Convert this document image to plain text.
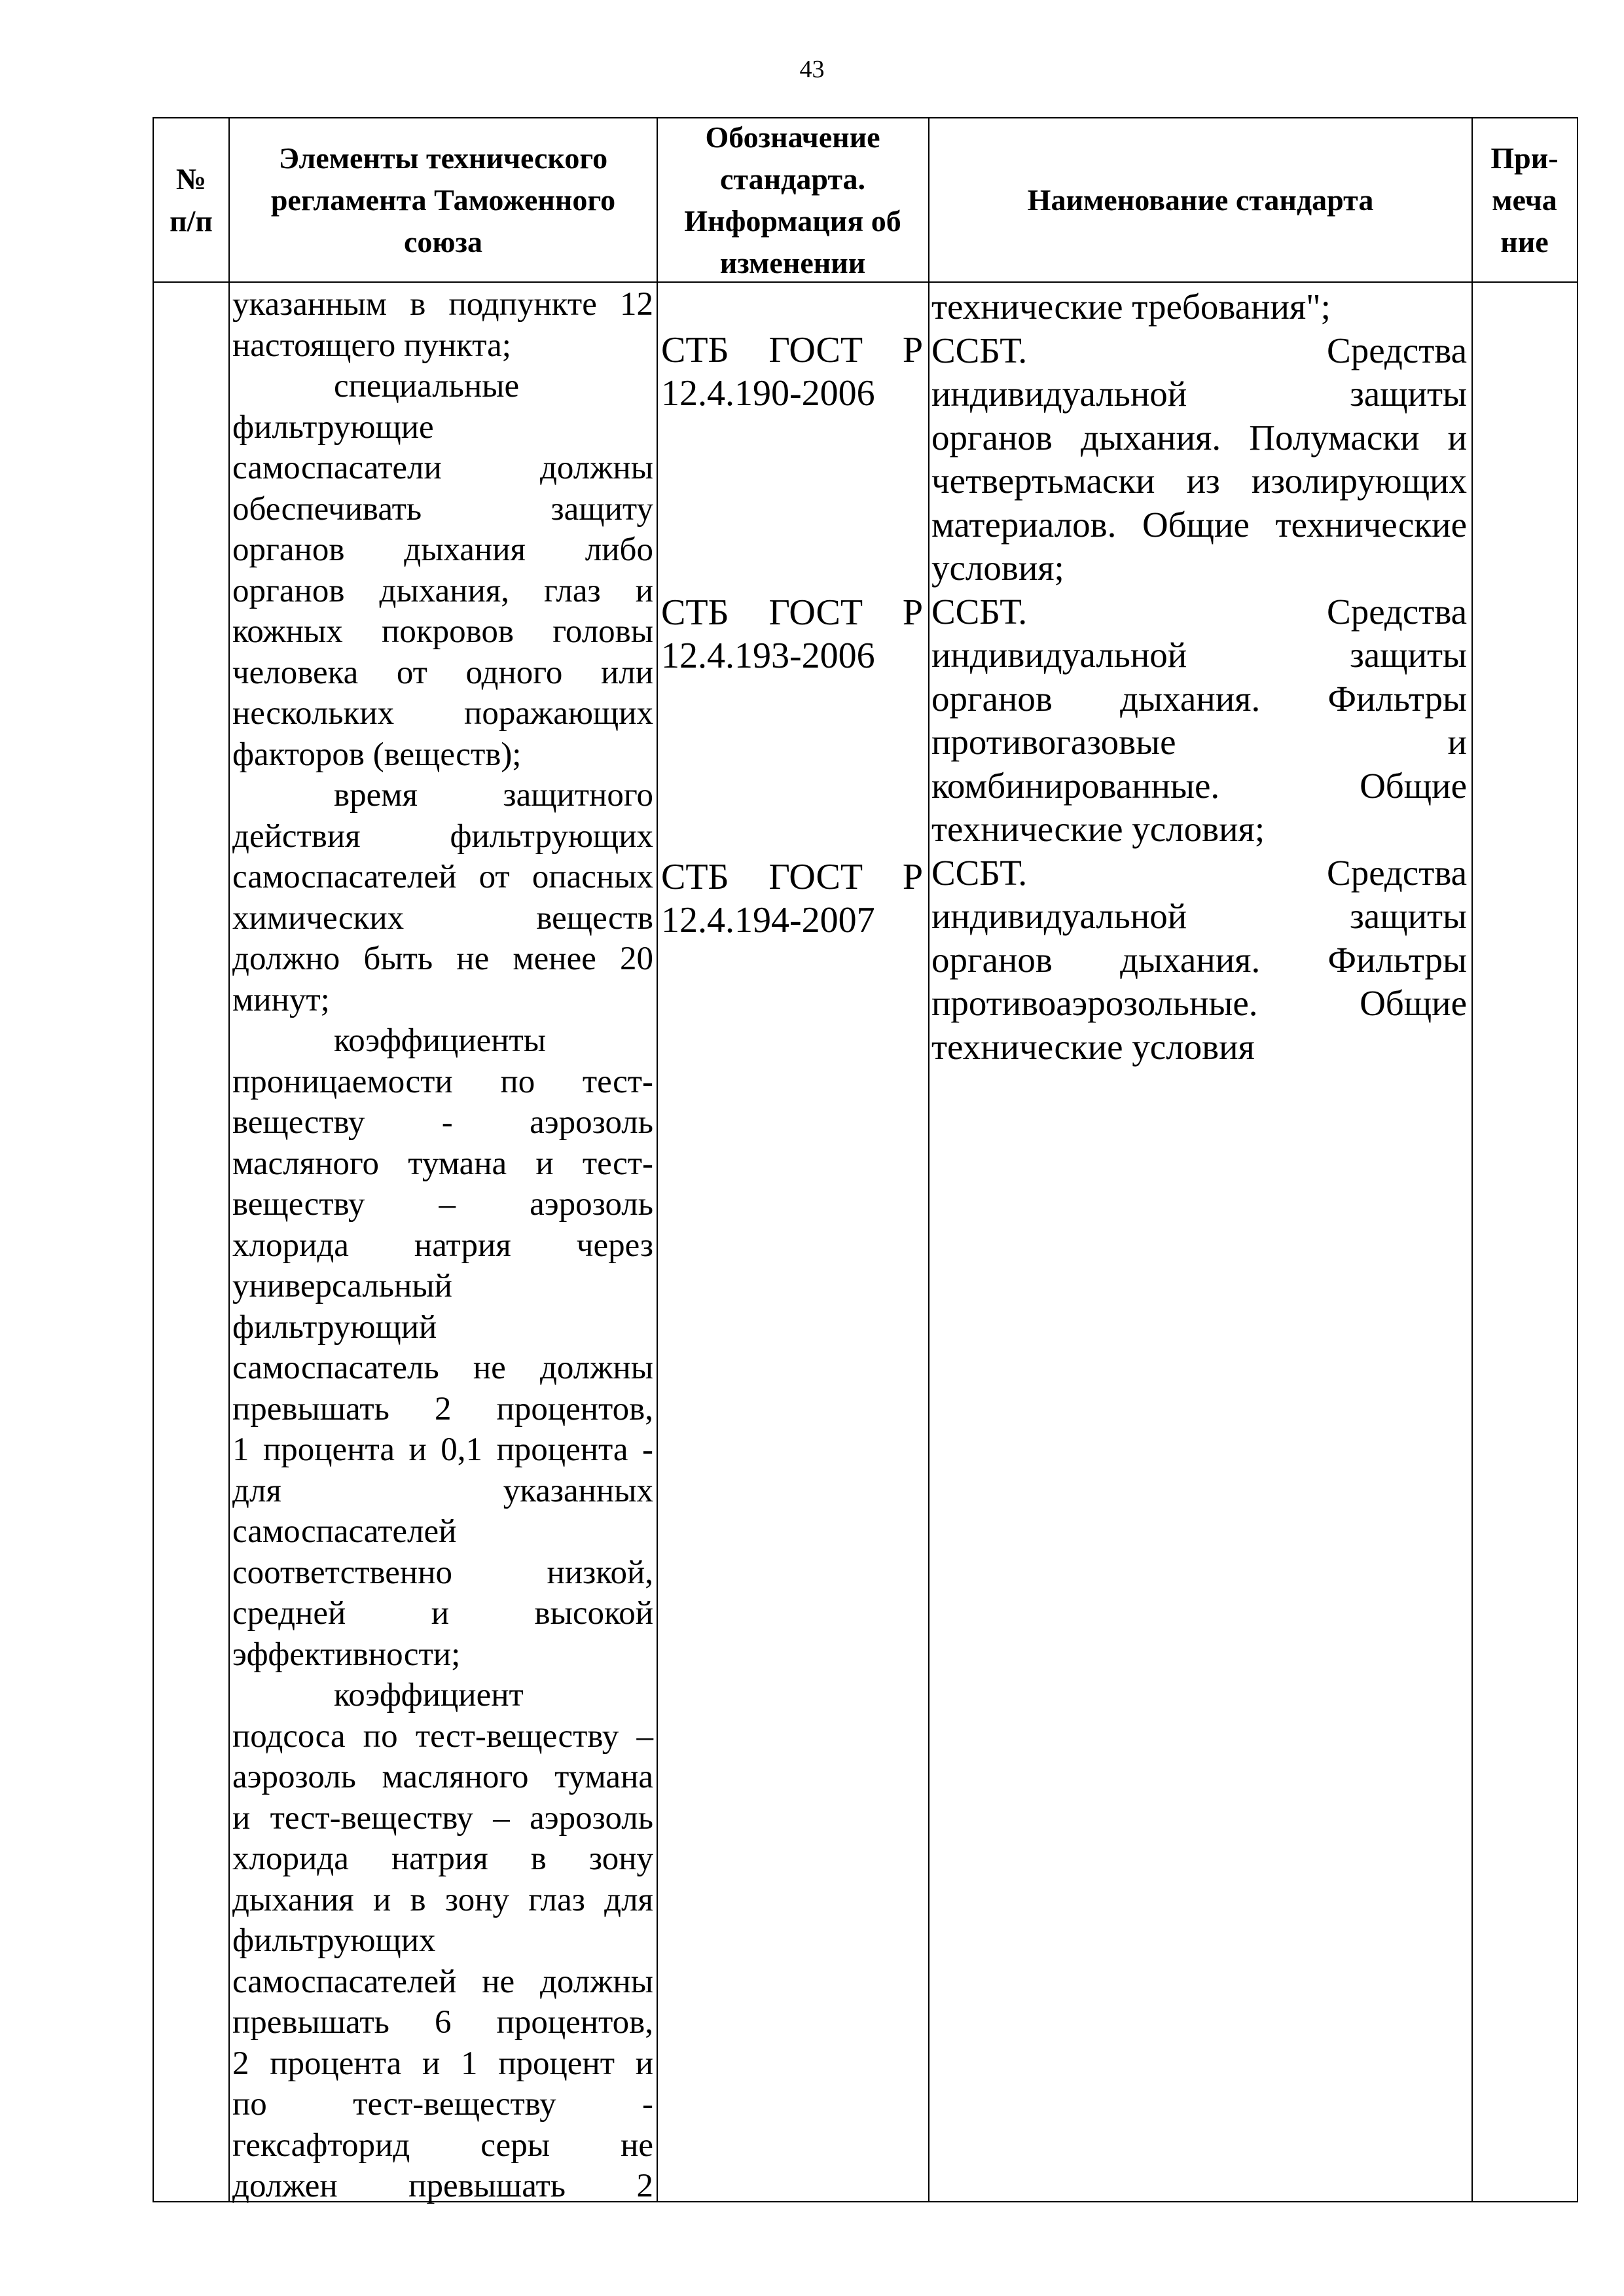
43
№ п/п
Элементы технического регламента Таможенного союза
Обозначение стандарта. Информация об изменении
Наименование стандарта
При-меча ние

указанным в подпункте 12

настоящего пункта;

специальные

фильтрующие

самоспасатели должны

обеспечивать защиту

органов дыхания либо

органов дыхания, глаз и

кожных покровов головы

человека от одного или

нескольких поражающих

факторов (веществ);

время защитного

действия фильтрующих

самоспасателей от опасных

химических веществ

должно быть не менее 20

минут;

коэффициенты

проницаемости по тест-

веществу - аэрозоль

масляного тумана и тест-

веществу – аэрозоль

хлорида натрия через

универсальный

фильтрующий

самоспасатель не должны

превышать 2 процентов,

1 процента и 0,1 процента -

для указанных

самоспасателей

соответственно низкой,

средней и высокой

эффективности;

коэффициент

подсоса по тест-веществу –

аэрозоль масляного тумана

и тест-веществу – аэрозоль

хлорида натрия в зону

дыхания и в зону глаз для

фильтрующих

самоспасателей не должны

превышать 6 процентов,

2 процента и 1 процент и

по тест-веществу -

гексафторид серы не

должен превышать 2

СТБ ГОСТ Р

12.4.190-2006

СТБ ГОСТ Р

12.4.193-2006

СТБ ГОСТ Р

12.4.194-2007

технические требования";

ССБТ. Средства

индивидуальной защиты

органов дыхания. Полумаски и

четвертьмаски из изолирующих

материалов. Общие технические

условия;

ССБТ. Средства

индивидуальной защиты

органов дыхания. Фильтры

противогазовые и

комбинированные. Общие

технические условия;

ССБТ. Средства

индивидуальной защиты

органов дыхания. Фильтры

противоаэрозольные. Общие

технические условия
